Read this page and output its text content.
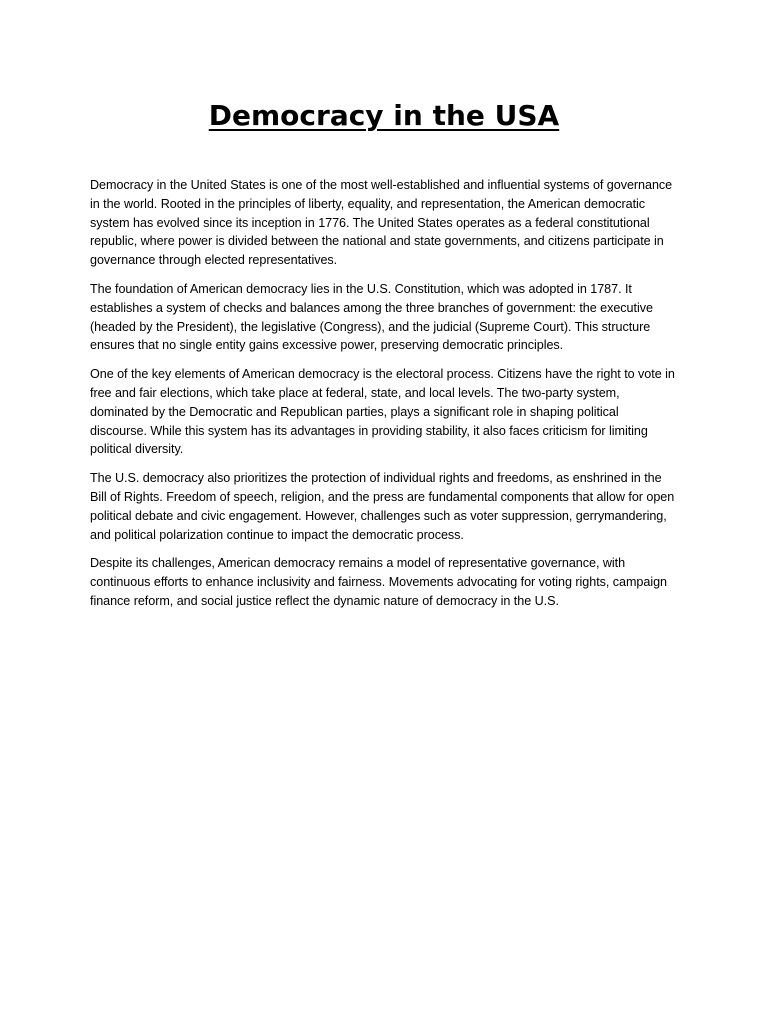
Democracy in the USA

Democracy in the United States is one of the most well-established and influential systems of governance in the world. Rooted in the principles of liberty, equality, and representation, the American democratic system has evolved since its inception in 1776. The United States operates as a federal constitutional republic, where power is divided between the national and state governments, and citizens participate in governance through elected representatives.

The foundation of American democracy lies in the U.S. Constitution, which was adopted in 1787. It establishes a system of checks and balances among the three branches of government: the executive (headed by the President), the legislative (Congress), and the judicial (Supreme Court). This structure ensures that no single entity gains excessive power, preserving democratic principles.

One of the key elements of American democracy is the electoral process. Citizens have the right to vote in free and fair elections, which take place at federal, state, and local levels. The two-party system, dominated by the Democratic and Republican parties, plays a significant role in shaping political discourse. While this system has its advantages in providing stability, it also faces criticism for limiting political diversity.

The U.S. democracy also prioritizes the protection of individual rights and freedoms, as enshrined in the Bill of Rights. Freedom of speech, religion, and the press are fundamental components that allow for open political debate and civic engagement. However, challenges such as voter suppression, gerrymandering, and political polarization continue to impact the democratic process.

Despite its challenges, American democracy remains a model of representative governance, with continuous efforts to enhance inclusivity and fairness. Movements advocating for voting rights, campaign finance reform, and social justice reflect the dynamic nature of democracy in the U.S.
